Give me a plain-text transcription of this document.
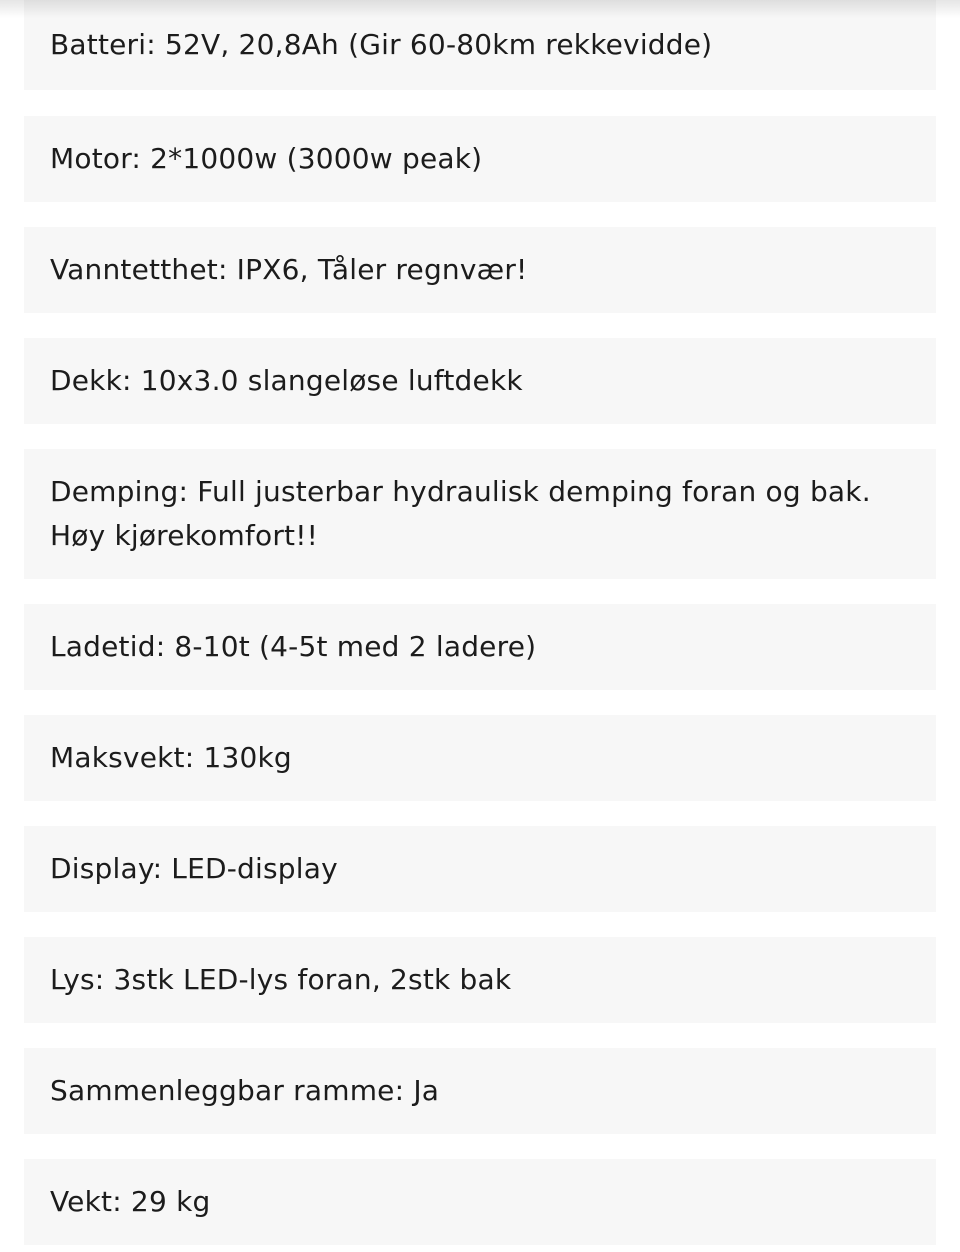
Batteri: 52V, 20,8Ah (Gir 60-80km rekkevidde)
Motor: 2*1000w (3000w peak)
Vanntetthet: IPX6, Tåler regnvær!
Dekk: 10x3.0 slangeløse luftdekk
Demping: Full justerbar hydraulisk demping foran og bak. Høy kjørekomfort!!
Ladetid: 8-10t (4-5t med 2 ladere)
Maksvekt: 130kg
Display: LED-display
Lys: 3stk LED-lys foran, 2stk bak
Sammenleggbar ramme: Ja
Vekt: 29 kg
